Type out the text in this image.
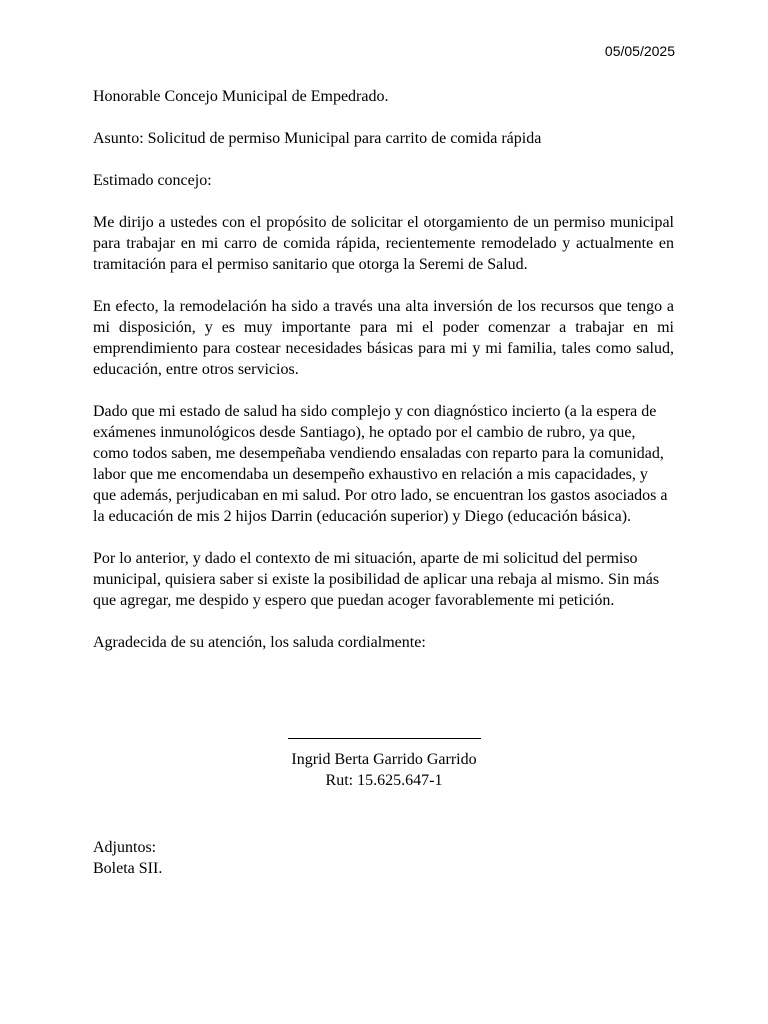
05/05/2025

Honorable Concejo Municipal de Empedrado.

Asunto: Solicitud de permiso Municipal para carrito de comida rápida

Estimado concejo:

Me dirijo a ustedes con el propósito de solicitar el otorgamiento de un permiso municipal para trabajar en mi carro de comida rápida, recientemente remodelado y actualmente en tramitación para el permiso sanitario que otorga la Seremi de Salud.

En efecto, la remodelación ha sido a través una alta inversión de los recursos que tengo a mi disposición, y es muy importante para mi el poder comenzar a trabajar en mi emprendimiento para costear necesidades básicas para mi y mi familia, tales como salud, educación, entre otros servicios.

Dado que mi estado de salud ha sido complejo y con diagnóstico incierto (a la espera de exámenes inmunológicos desde Santiago), he optado por el cambio de rubro, ya que, como todos saben, me desempeñaba vendiendo ensaladas con reparto para la comunidad, labor que me encomendaba un desempeño exhaustivo en relación a mis capacidades, y que además, perjudicaban en mi salud. Por otro lado, se encuentran los gastos asociados a la educación de mis 2 hijos Darrin (educación superior) y Diego (educación básica).

Por lo anterior, y dado el contexto de mi situación, aparte de mi solicitud del permiso municipal, quisiera saber si existe la posibilidad de aplicar una rebaja al mismo. Sin más que agregar, me despido y espero que puedan acoger favorablemente mi petición.

Agradecida de su atención, los saluda cordialmente:

Ingrid Berta Garrido Garrido
Rut: 15.625.647-1
Adjuntos:
Boleta SII.
